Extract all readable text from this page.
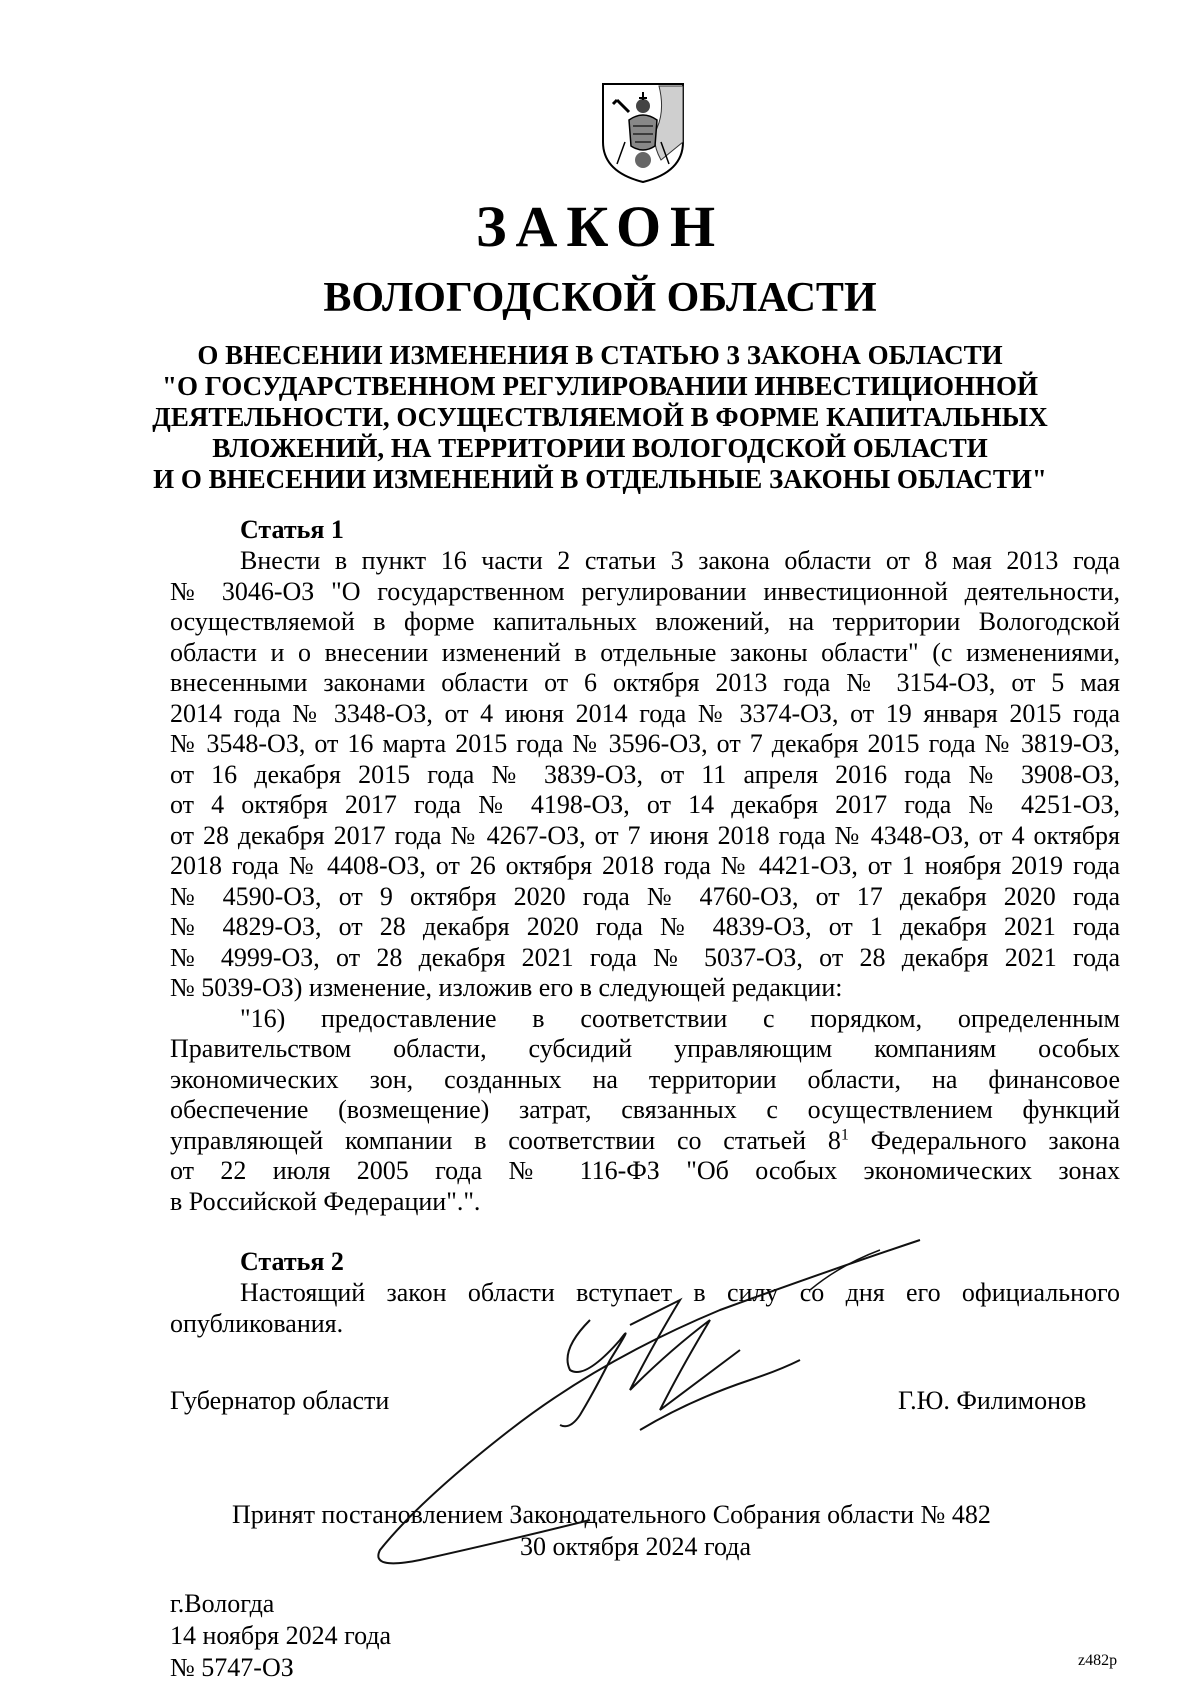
ЗАКОН
ВОЛОГОДСКОЙ ОБЛАСТИ
О ВНЕСЕНИИ ИЗМЕНЕНИЯ В СТАТЬЮ 3 ЗАКОНА ОБЛАСТИ
"О ГОСУДАРСТВЕННОМ РЕГУЛИРОВАНИИ ИНВЕСТИЦИОННОЙ
ДЕЯТЕЛЬНОСТИ, ОСУЩЕСТВЛЯЕМОЙ В ФОРМЕ КАПИТАЛЬНЫХ
ВЛОЖЕНИЙ, НА ТЕРРИТОРИИ ВОЛОГОДСКОЙ ОБЛАСТИ
И О ВНЕСЕНИИ ИЗМЕНЕНИЙ В ОТДЕЛЬНЫЕ ЗАКОНЫ ОБЛАСТИ"
Статья 1
Внести в пункт 16 части 2 статьи 3 закона области от 8 мая 2013 года
№ 3046-ОЗ "О государственном регулировании инвестиционной деятельности,
осуществляемой в форме капитальных вложений, на территории Вологодской
области и о внесении изменений в отдельные законы области" (с изменениями,
внесенными законами области от 6 октября 2013 года № 3154-ОЗ, от 5 мая
2014 года № 3348-ОЗ, от 4 июня 2014 года № 3374-ОЗ, от 19 января 2015 года
№ 3548-ОЗ, от 16 марта 2015 года № 3596-ОЗ, от 7 декабря 2015 года № 3819-ОЗ,
от 16 декабря 2015 года № 3839-ОЗ, от 11 апреля 2016 года № 3908-ОЗ,
от 4 октября 2017 года № 4198-ОЗ, от 14 декабря 2017 года № 4251-ОЗ,
от 28 декабря 2017 года № 4267-ОЗ, от 7 июня 2018 года № 4348-ОЗ, от 4 октября
2018 года № 4408-ОЗ, от 26 октября 2018 года № 4421-ОЗ, от 1 ноября 2019 года
№ 4590-ОЗ, от 9 октября 2020 года № 4760-ОЗ, от 17 декабря 2020 года
№ 4829-ОЗ, от 28 декабря 2020 года № 4839-ОЗ, от 1 декабря 2021 года
№ 4999-ОЗ, от 28 декабря 2021 года № 5037-ОЗ, от 28 декабря 2021 года
№ 5039-ОЗ) изменение, изложив его в следующей редакции:
"16) предоставление в соответствии с порядком, определенным
Правительством области, субсидий управляющим компаниям особых
экономических зон, созданных на территории области, на финансовое
обеспечение (возмещение) затрат, связанных с осуществлением функций
управляющей компании в соответствии со статьей $8^1$ Федерального закона
от 22 июля 2005 года № 116-ФЗ "Об особых экономических зонах
в Российской Федерации".".
Статья 2
Настоящий закон области вступает в силу со дня его официального
опубликования.
Губернатор области	Г.Ю. Филимонов
Принят постановлением Законодательного Собрания области № 482
30 октября 2024 года
г.Вологда
14 ноября 2024 года
№ 5747-ОЗ	z482р
